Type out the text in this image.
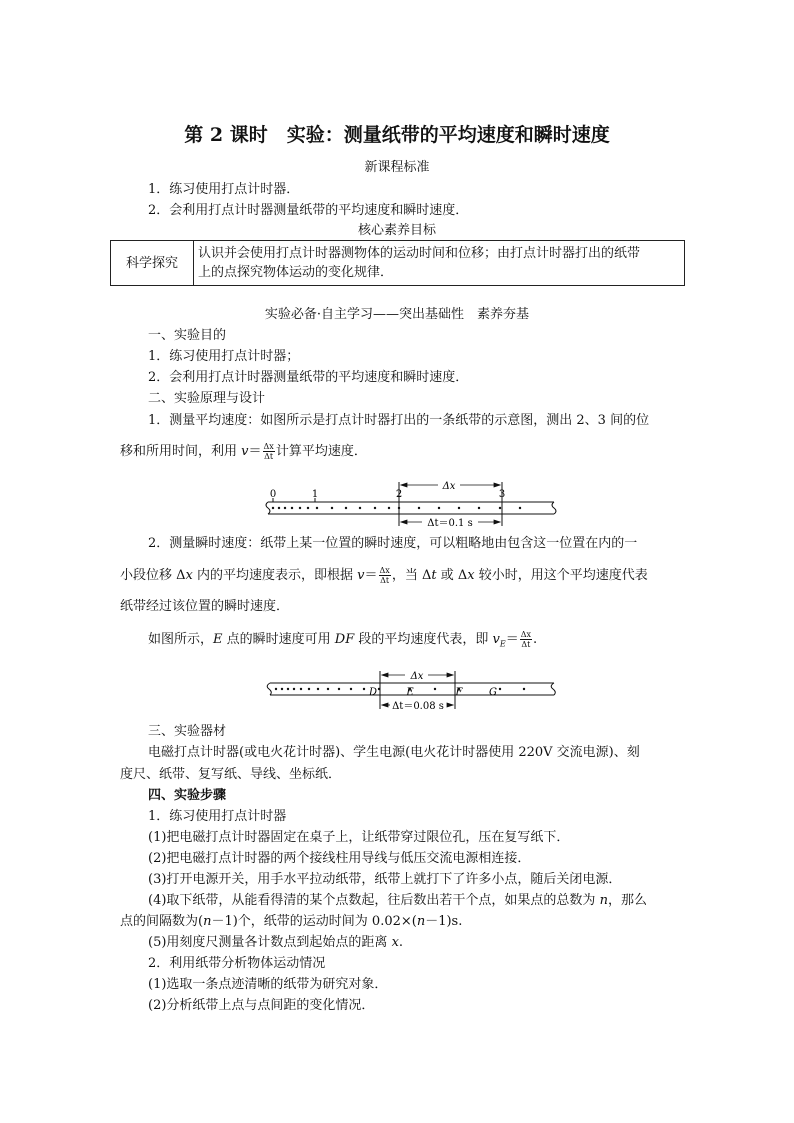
第 2 课时　实验：测量纸带的平均速度和瞬时速度
新课程标准
1．练习使用打点计时器．
2．会利用打点计时器测量纸带的平均速度和瞬时速度．
核心素养目标
科学探究	认识并会使用打点计时器测物体的运动时间和位移；由打点计时器打出的纸带
上的点探究物体运动的变化规律．
实验必备·自主学习——突出基础性　素养夯基
一、实验目的
1．练习使用打点计时器；
2．会利用打点计时器测量纸带的平均速度和瞬时速度．
二、实验原理与设计
1．测量平均速度：如图所示是打点计时器打出的一条纸带的示意图，测出 2、3 间的位
移和所用时间，利用 $v= \frac{\Delta x}{\Delta t}$ 计算平均速度．
0	1	2	3
Δx
Δt＝0.1 s
2．测量瞬时速度：纸带上某一位置的瞬时速度，可以粗略地由包含这一位置在内的一
小段位移 Δx 内的平均速度表示，即根据 $v= \frac{\Delta x}{\Delta t}$ ，当 Δt 或 Δx 较小时，用这个平均速度代表
纸带经过该位置的瞬时速度．
如图所示，E 点的瞬时速度可用 DF 段的平均速度代表，即 $v_E= \frac{\Delta x}{\Delta t}$ .
D	E	F	G
Δx
Δt＝0.08 s
三、实验器材
电磁打点计时器(或电火花计时器)、学生电源(电火花计时器使用 220V 交流电源)、刻
度尺、纸带、复写纸、导线、坐标纸．
四、实验步骤
1．练习使用打点计时器
(1)把电磁打点计时器固定在桌子上，让纸带穿过限位孔，压在复写纸下．
(2)把电磁打点计时器的两个接线柱用导线与低压交流电源相连接．
(3)打开电源开关，用手水平拉动纸带，纸带上就打下了许多小点，随后关闭电源．
(4)取下纸带，从能看得清的某个点数起，往后数出若干个点，如果点的总数为 n，那么
点的间隔数为(n－1)个，纸带的运动时间为 0.02×(n－1)s.
(5)用刻度尺测量各计数点到起始点的距离 x.
2．利用纸带分析物体运动情况
(1)选取一条点迹清晰的纸带为研究对象．
(2)分析纸带上点与点间距的变化情况．
